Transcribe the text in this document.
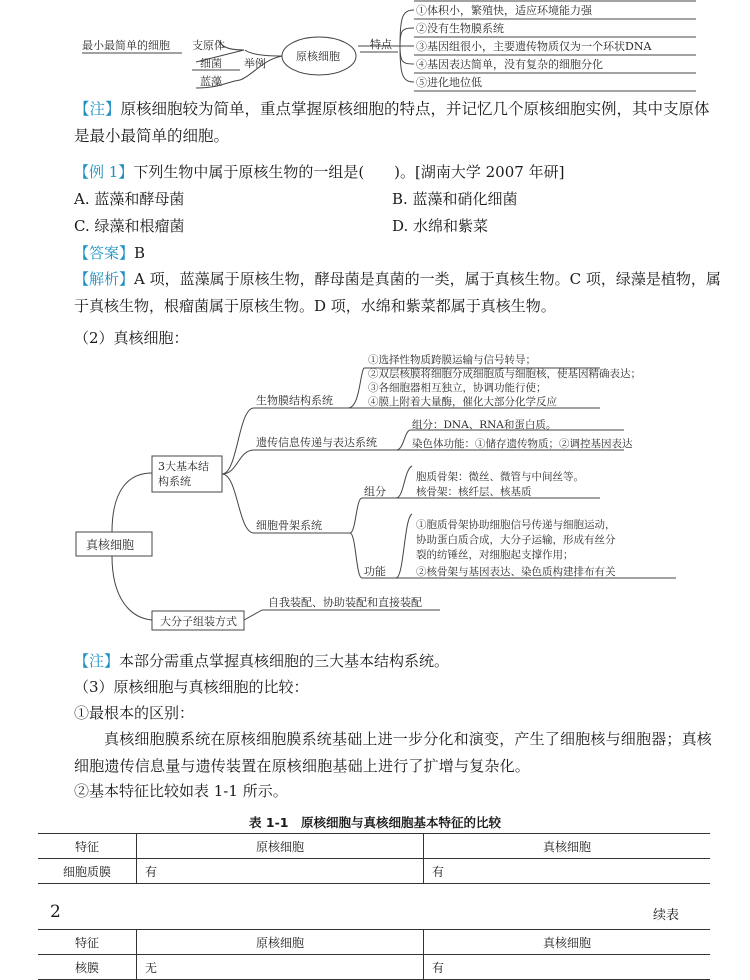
特点
①体积小，繁殖快，适应环境能力强
②没有生物膜系统
③基因组很小，主要遗传物质仅为一个环状DNA
④基因表达简单，没有复杂的细胞分化
⑤进化地位低
原核细胞
举例
支原体
细菌
蓝藻
最小最简单的细胞
【注】原核细胞较为简单，重点掌握原核细胞的特点，并记忆几个原核细胞实例，其中支原体是最小最简单的细胞。
【例 1】下列生物中属于原核生物的一组是(　　)。[湖南大学 2007 年研]
A. 蓝藻和酵母菌	B. 蓝藻和硝化细菌
C. 绿藻和根瘤菌	D. 水绵和紫菜
【答案】B
【解析】A 项，蓝藻属于原核生物，酵母菌是真菌的一类，属于真核生物。C 项，绿藻是植物，属于真核生物，根瘤菌属于原核生物。D 项，水绵和紫菜都属于真核生物。
（2）真核细胞：
真核细胞
3大基本结
构系统
生物膜结构系统
①选择性物质跨膜运输与信号转导；
②双层核膜将细胞分成细胞质与细胞核，使基因精确表达；
③各细胞器相互独立，协调功能行使；
④膜上附着大量酶，催化大部分化学反应
遗传信息传递与表达系统
组分：DNA、RNA和蛋白质。
染色体功能：①储存遗传物质；②调控基因表达
细胞骨架系统
组分
胞质骨架：微丝、微管与中间丝等。
核骨架：核纤层、核基质
功能
①胞质骨架协助细胞信号传递与细胞运动，
协助蛋白质合成，大分子运输，形成有丝分
裂的纺锤丝，对细胞起支撑作用；
②核骨架与基因表达、染色质构建排布有关
大分子组装方式
自我装配、协助装配和直接装配
【注】本部分需重点掌握真核细胞的三大基本结构系统。
（3）原核细胞与真核细胞的比较：
①最根本的区别：
真核细胞膜系统在原核细胞膜系统基础上进一步分化和演变，产生了细胞核与细胞器；真核细胞遗传信息量与遗传装置在原核细胞基础上进行了扩增与复杂化。
②基本特征比较如表 1-1 所示。
表 1-1　原核细胞与真核细胞基本特征的比较
特征	原核细胞	真核细胞
细胞质膜	有	有
2	续表
特征	原核细胞	真核细胞
核膜	无	有
